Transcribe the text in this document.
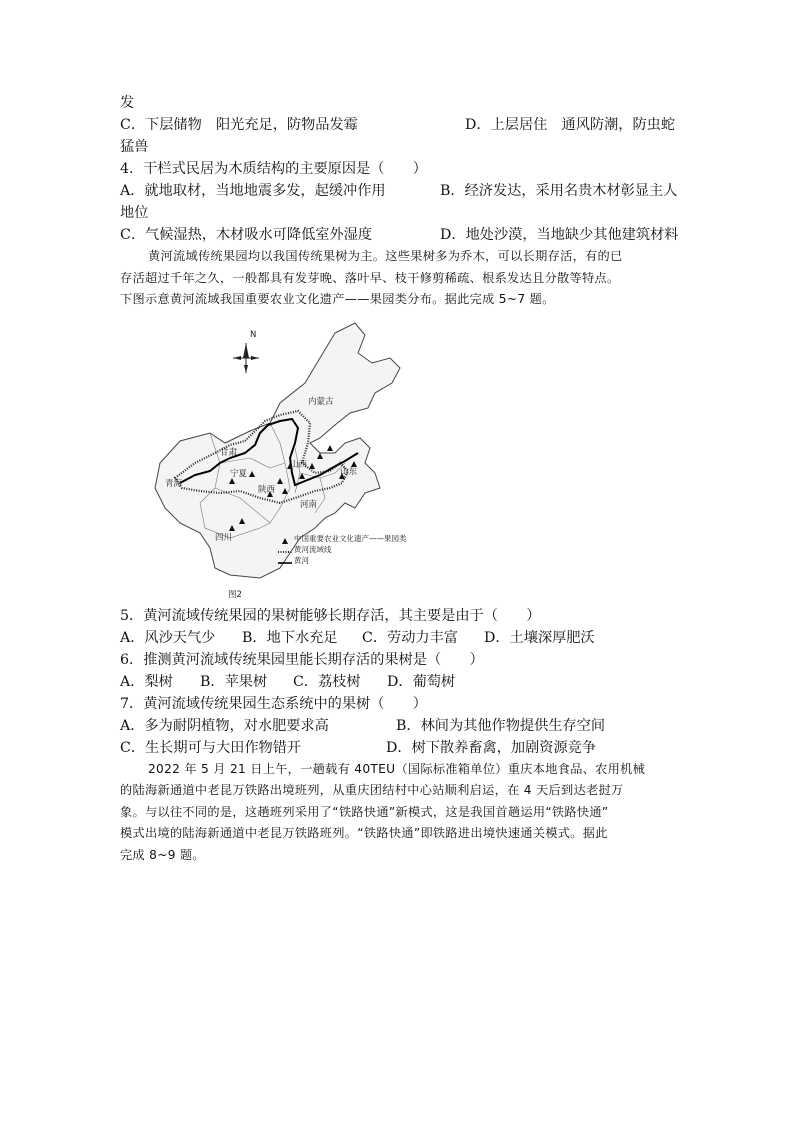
发
C．下层储物　阳光充足，防物品发霉	D．上层居住　通风防潮，防虫蛇
猛兽
4．干栏式民居为木质结构的主要原因是（　　）
A．就地取材，当地地震多发，起缓冲作用	B．经济发达，采用名贵木材彰显主人
地位
C．气候湿热，木材吸水可降低室外湿度	D．地处沙漠，当地缺少其他建筑材料
黄河流域传统果园均以我国传统果树为主。这些果树多为乔木，可以长期存活，有的已
存活超过千年之久，一般都具有发芽晚、落叶早、枝干修剪稀疏、根系发达且分散等特点。
下图示意黄河流域我国重要农业文化遗产——果园类分布。据此完成 5~7 题。
N
内蒙古
甘肃
宁夏
山西
山东
青海
陕西
河南
四川	中国重要农业文化遗产——果园类
黄河流域线
黄河
图2
5．黄河流域传统果园的果树能够长期存活，其主要是由于（　　）
A．风沙天气少	B．地下水充足	C．劳动力丰富	D．土壤深厚肥沃
6．推测黄河流域传统果园里能长期存活的果树是（　　）
A．梨树	B．苹果树	C．荔枝树	D．葡萄树
7．黄河流域传统果园生态系统中的果树（　　）
A．多为耐阴植物，对水肥要求高	B．林间为其他作物提供生存空间
C．生长期可与大田作物错开	D．树下散养畜禽，加剧资源竞争
2022 年 5 月 21 日上午，一趟载有 40TEU（国际标准箱单位）重庆本地食品、农用机械
的陆海新通道中老昆万铁路出境班列，从重庆团结村中心站顺利启运，在 4 天后到达老挝万
象。与以往不同的是，这趟班列采用了“铁路快通”新模式，这是我国首趟运用“铁路快通”
模式出境的陆海新通道中老昆万铁路班列。“铁路快通”即铁路进出境快速通关模式。据此
完成 8~9 题。
